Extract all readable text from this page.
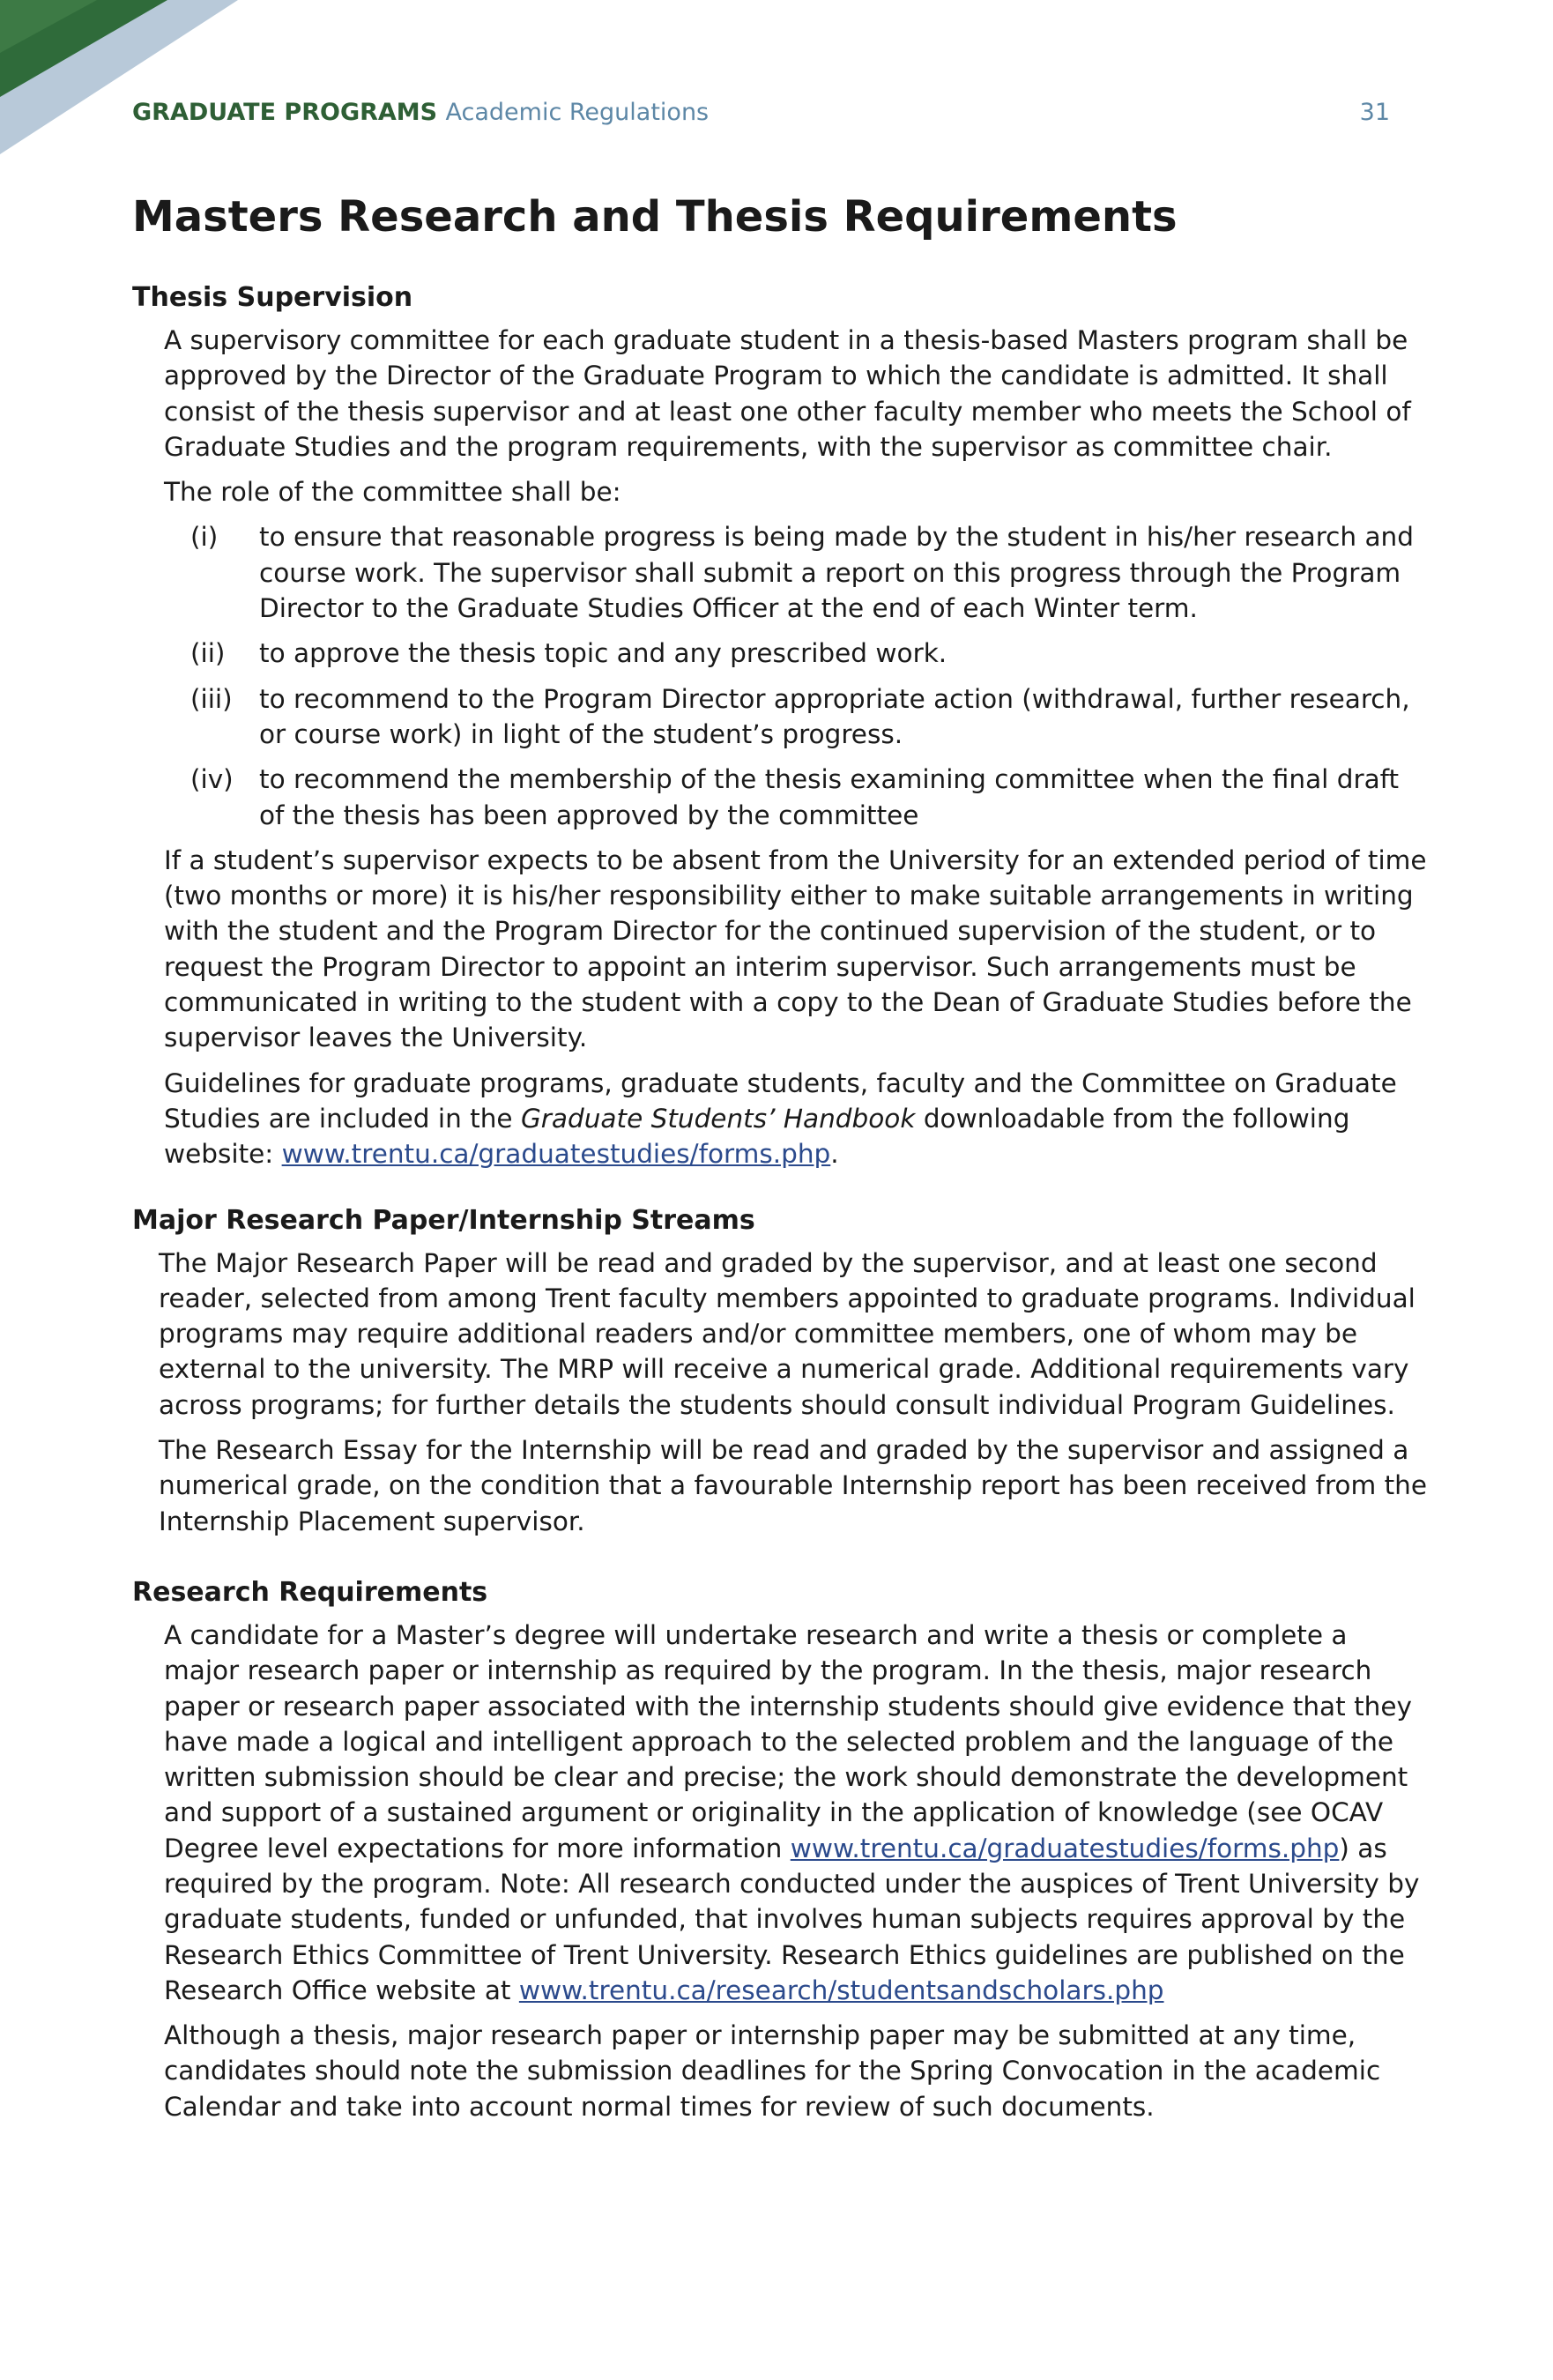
GRADUATE PROGRAMS Academic Regulations	31
Masters Research and Thesis Requirements
Thesis Supervision

A supervisory committee for each graduate student in a thesis-based Masters program shall be approved by the Director of the Graduate Program to which the candidate is admitted. It shall consist of the thesis supervisor and at least one other faculty member who meets the School of Graduate Studies and the program requirements, with the supervisor as committee chair.

The role of the committee shall be:

(i)	to ensure that reasonable progress is being made by the student in his/her research and course work. The supervisor shall submit a report on this progress through the Program Director to the Graduate Studies Officer at the end of each Winter term.
(ii)	to approve the thesis topic and any prescribed work.
(iii)	to recommend to the Program Director appropriate action (withdrawal, further research, or course work) in light of the student’s progress.
(iv) to recommend the membership of the thesis examining committee when the final draft of the thesis has been approved by the committee

If a student’s supervisor expects to be absent from the University for an extended period of time (two months or more) it is his/her responsibility either to make suitable arrangements in writing with the student and the Program Director for the continued supervision of the student, or to request the Program Director to appoint an interim supervisor. Such arrangements must be communicated in writing to the student with a copy to the Dean of Graduate Studies before the supervisor leaves the University.

Guidelines for graduate programs, graduate students, faculty and the Committee on Graduate Studies are included in the Graduate Students’ Handbook downloadable from the following website: www.trentu.ca/graduatestudies/forms.php.

Major Research Paper/Internship Streams

The Major Research Paper will be read and graded by the supervisor, and at least one second reader, selected from among Trent faculty members appointed to graduate programs. Individual programs may require additional readers and/or committee members, one of whom may be external to the university. The MRP will receive a numerical grade. Additional requirements vary across programs; for further details the students should consult individual Program Guidelines.

The Research Essay for the Internship will be read and graded by the supervisor and assigned a numerical grade, on the condition that a favourable Internship report has been received from the Internship Placement supervisor.

Research Requirements

A candidate for a Master’s degree will undertake research and write a thesis or complete a major research paper or internship as required by the program. In the thesis, major research paper or research paper associated with the internship students should give evidence that they have made a logical and intelligent approach to the selected problem and the language of the written submission should be clear and precise; the work should demonstrate the development and support of a sustained argument or originality in the application of knowledge (see OCAV Degree level expectations for more information www.trentu.ca/graduatestudies/forms.php) as required by the program. Note: All research conducted under the auspices of Trent University by graduate students, funded or unfunded, that involves human subjects requires approval by the Research Ethics Committee of Trent University. Research Ethics guidelines are published on the Research Office website at www.trentu.ca/research/studentsandscholars.php

Although a thesis, major research paper or internship paper may be submitted at any time, candidates should note the submission deadlines for the Spring Convocation in the academic Calendar and take into account normal times for review of such documents.
